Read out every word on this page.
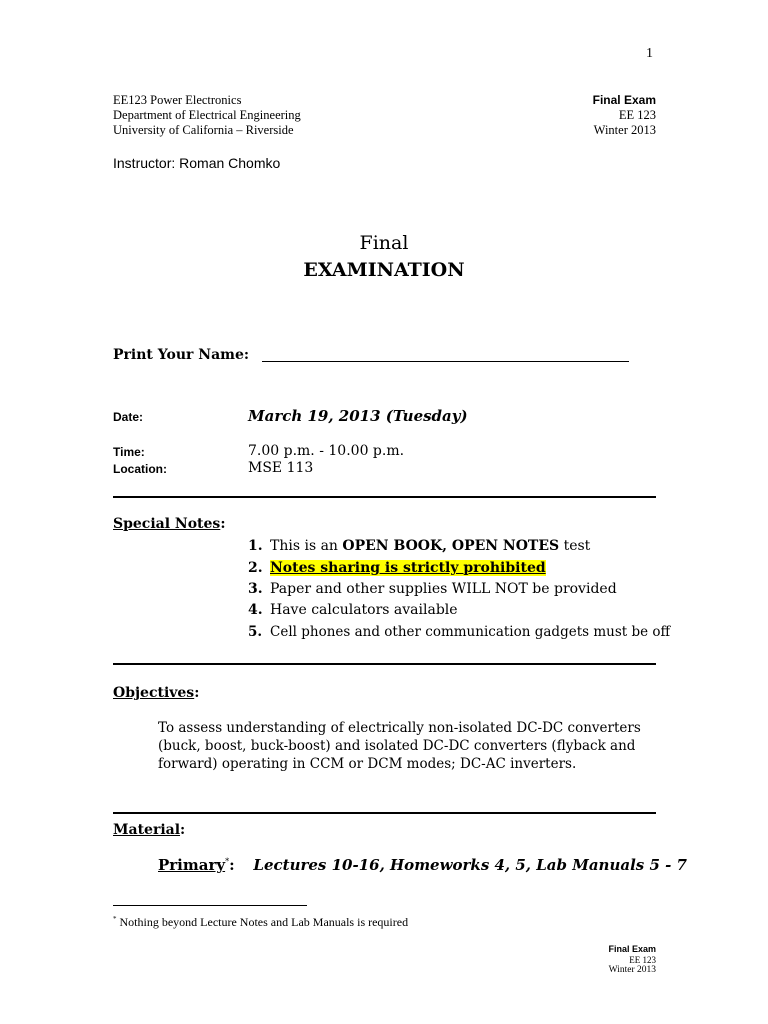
1
EE123 Power Electronics
Department of Electrical Engineering
University of California – Riverside
Final Exam
EE 123
Winter 2013
Instructor: Roman Chomko
Final
EXAMINATION
Print Your Name:
Date:	March 19, 2013 (Tuesday)
Time:	7.00 p.m. - 10.00 p.m.
Location:	MSE 113
Special Notes:
1. This is an OPEN BOOK, OPEN NOTES test
2. Notes sharing is strictly prohibited
3. Paper and other supplies WILL NOT be provided
4. Have calculators available
5. Cell phones and other communication gadgets must be off
Objectives:
To assess understanding of electrically non-isolated DC-DC converters
(buck, boost, buck-boost) and isolated DC-DC converters (flyback and
forward) operating in CCM or DCM modes; DC-AC inverters.
Material:
Primary*: Lectures 10-16, Homeworks 4, 5, Lab Manuals 5 - 7
* Nothing beyond Lecture Notes and Lab Manuals is required
Final Exam
EE 123
Winter 2013
